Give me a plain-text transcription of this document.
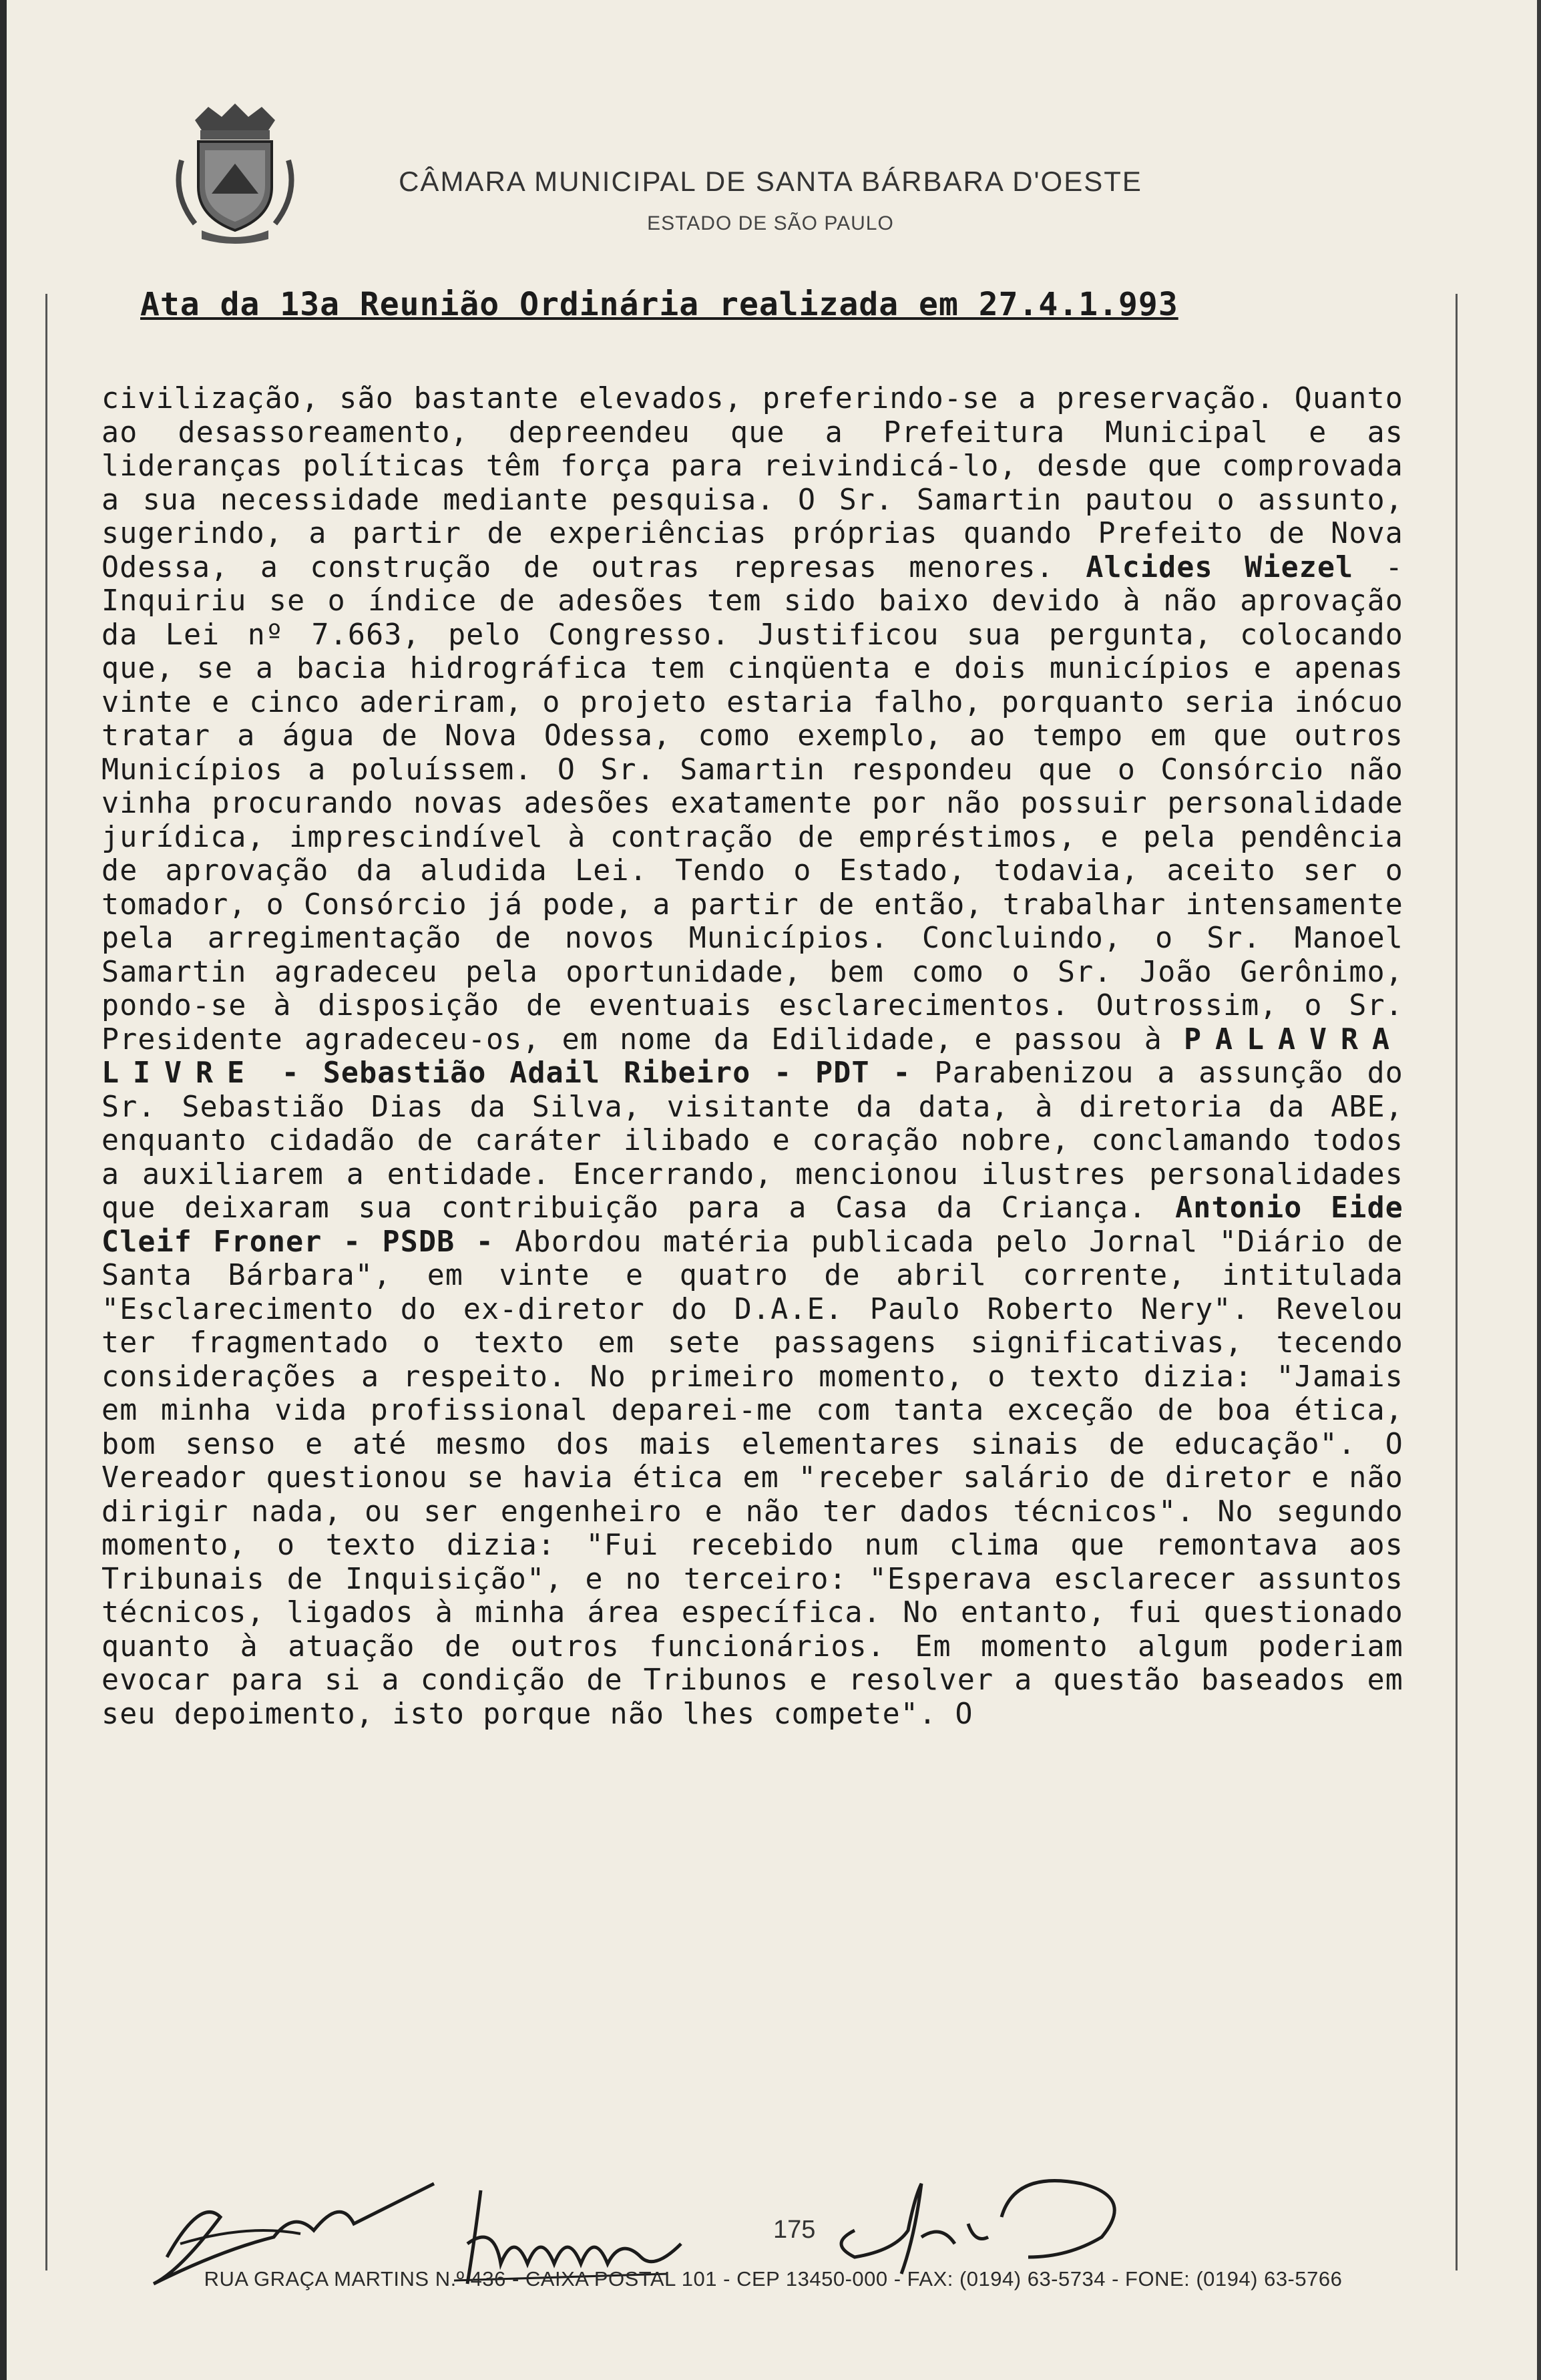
CÂMARA MUNICIPAL DE SANTA BÁRBARA D'OESTE
ESTADO DE SÃO PAULO
Ata da 13a Reunião Ordinária realizada em 27.4.1.993
civilização, são bastante elevados, preferindo-se a preservação. Quanto ao desassoreamento, depreendeu que a Prefeitura Municipal e as lideranças políticas têm força para reivindicá-lo, desde que comprovada a sua necessidade mediante pesquisa. O Sr. Samartin pautou o assunto, sugerindo, a partir de experiências próprias quando Prefeito de Nova Odessa, a construção de outras represas menores. Alcides Wiezel - Inquiriu se o índice de adesões tem sido baixo devido à não aprovação da Lei nº 7.663, pelo Congresso. Justificou sua pergunta, colocando que, se a bacia hidrográfica tem cinqüenta e dois municípios e apenas vinte e cinco aderiram, o projeto estaria falho, porquanto seria inócuo tratar a água de Nova Odessa, como exemplo, ao tempo em que outros Municípios a poluíssem. O Sr. Samartin respondeu que o Consórcio não vinha procurando novas adesões exatamente por não possuir personalidade jurídica, imprescindível à contração de empréstimos, e pela pendência de aprovação da aludida Lei. Tendo o Estado, todavia, aceito ser o tomador, o Consórcio já pode, a partir de então, trabalhar intensamente pela arregimentação de novos Municípios. Concluindo, o Sr. Manoel Samartin agradeceu pela oportunidade, bem como o Sr. João Gerônimo, pondo-se à disposição de eventuais esclarecimentos. Outrossim, o Sr. Presidente agradeceu-os, em nome da Edilidade, e passou à PALAVRA LIVRE - Sebastião Adail Ribeiro - PDT - Parabenizou a assunção do Sr. Sebastião Dias da Silva, visitante da data, à diretoria da ABE, enquanto cidadão de caráter ilibado e coração nobre, conclamando todos a auxiliarem a entidade. Encerrando, mencionou ilustres personalidades que deixaram sua contribuição para a Casa da Criança. Antonio Eide Cleif Froner - PSDB - Abordou matéria publicada pelo Jornal "Diário de Santa Bárbara", em vinte e quatro de abril corrente, intitulada "Esclarecimento do ex-diretor do D.A.E. Paulo Roberto Nery". Revelou ter fragmentado o texto em sete passagens significativas, tecendo considerações a respeito. No primeiro momento, o texto dizia: "Jamais em minha vida profissional deparei-me com tanta exceção de boa ética, bom senso e até mesmo dos mais elementares sinais de educação". O Vereador questionou se havia ética em "receber salário de diretor e não dirigir nada, ou ser engenheiro e não ter dados técnicos". No segundo momento, o texto dizia: "Fui recebido num clima que remontava aos Tribunais de Inquisição", e no terceiro: "Esperava esclarecer assuntos técnicos, ligados à minha área específica. No entanto, fui questionado quanto à atuação de outros funcionários. Em momento algum poderiam evocar para si a condição de Tribunos e resolver a questão baseados em seu depoimento, isto porque não lhes compete". O
175
RUA GRAÇA MARTINS N.º 436 - CAIXA POSTAL 101 - CEP 13450-000 - FAX: (0194) 63-5734 - FONE: (0194) 63-5766
